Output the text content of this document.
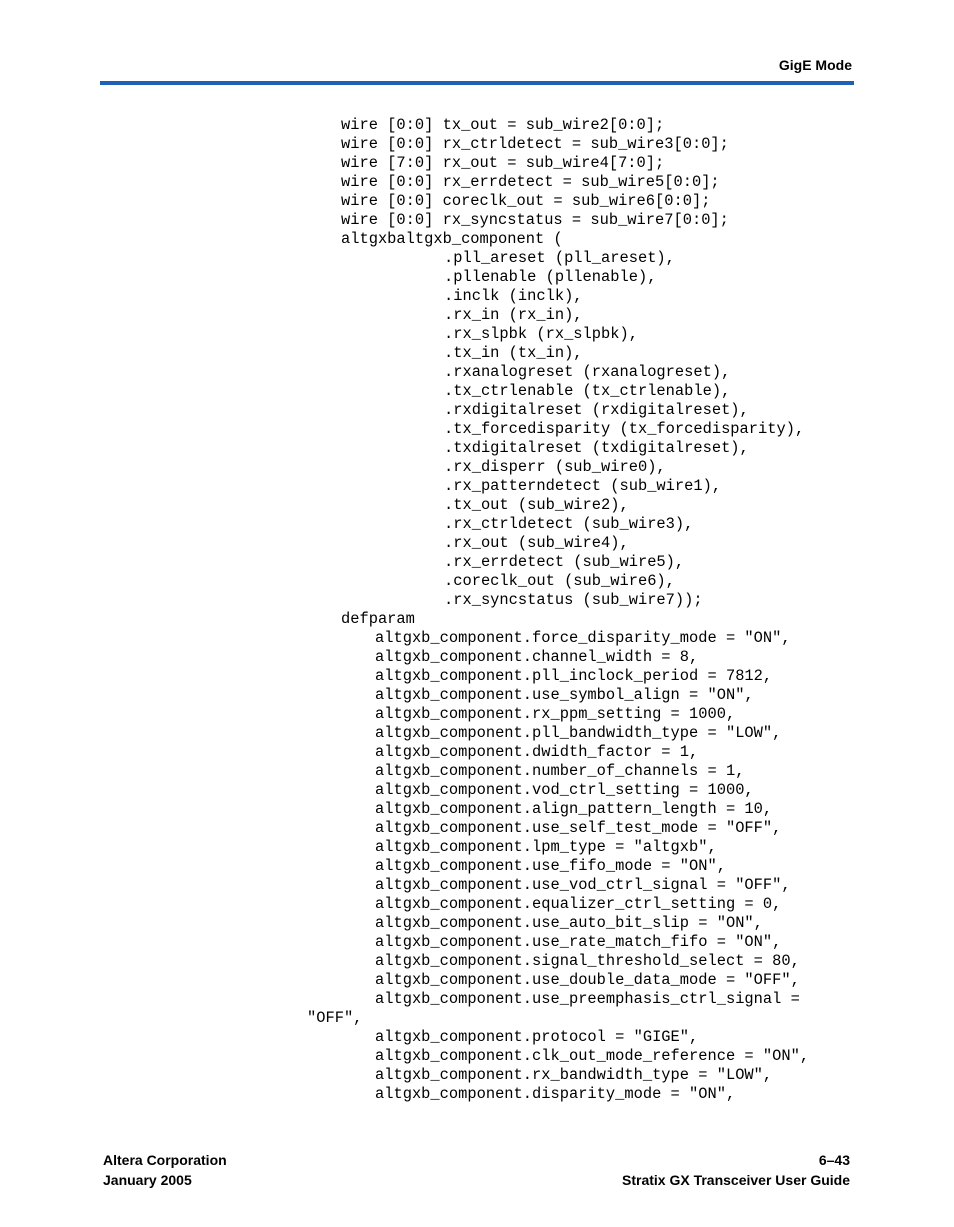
GigE Mode
wire [0:0] tx_out = sub_wire2[0:0];
wire [0:0] rx_ctrldetect = sub_wire3[0:0];
wire [7:0] rx_out = sub_wire4[7:0];
wire [0:0] rx_errdetect = sub_wire5[0:0];
wire [0:0] coreclk_out = sub_wire6[0:0];
wire [0:0] rx_syncstatus = sub_wire7[0:0];
altgxbaltgxb_component (
.pll_areset (pll_areset),
.pllenable (pllenable),
.inclk (inclk),
.rx_in (rx_in),
.rx_slpbk (rx_slpbk),
.tx_in (tx_in),
.rxanalogreset (rxanalogreset),
.tx_ctrlenable (tx_ctrlenable),
.rxdigitalreset (rxdigitalreset),
.tx_forcedisparity (tx_forcedisparity),
.txdigitalreset (txdigitalreset),
.rx_disperr (sub_wire0),
.rx_patterndetect (sub_wire1),
.tx_out (sub_wire2),
.rx_ctrldetect (sub_wire3),
.rx_out (sub_wire4),
.rx_errdetect (sub_wire5),
.coreclk_out (sub_wire6),
.rx_syncstatus (sub_wire7));
defparam
altgxb_component.force_disparity_mode = "ON",
altgxb_component.channel_width = 8,
altgxb_component.pll_inclock_period = 7812,
altgxb_component.use_symbol_align = "ON",
altgxb_component.rx_ppm_setting = 1000,
altgxb_component.pll_bandwidth_type = "LOW",
altgxb_component.dwidth_factor = 1,
altgxb_component.number_of_channels = 1,
altgxb_component.vod_ctrl_setting = 1000,
altgxb_component.align_pattern_length = 10,
altgxb_component.use_self_test_mode = "OFF",
altgxb_component.lpm_type = "altgxb",
altgxb_component.use_fifo_mode = "ON",
altgxb_component.use_vod_ctrl_signal = "OFF",
altgxb_component.equalizer_ctrl_setting = 0,
altgxb_component.use_auto_bit_slip = "ON",
altgxb_component.use_rate_match_fifo = "ON",
altgxb_component.signal_threshold_select = 80,
altgxb_component.use_double_data_mode = "OFF",
altgxb_component.use_preemphasis_ctrl_signal =
"OFF",
altgxb_component.protocol = "GIGE",
altgxb_component.clk_out_mode_reference = "ON",
altgxb_component.rx_bandwidth_type = "LOW",
altgxb_component.disparity_mode = "ON",
Altera Corporation
January 2005
6–43
Stratix GX Transceiver User Guide
